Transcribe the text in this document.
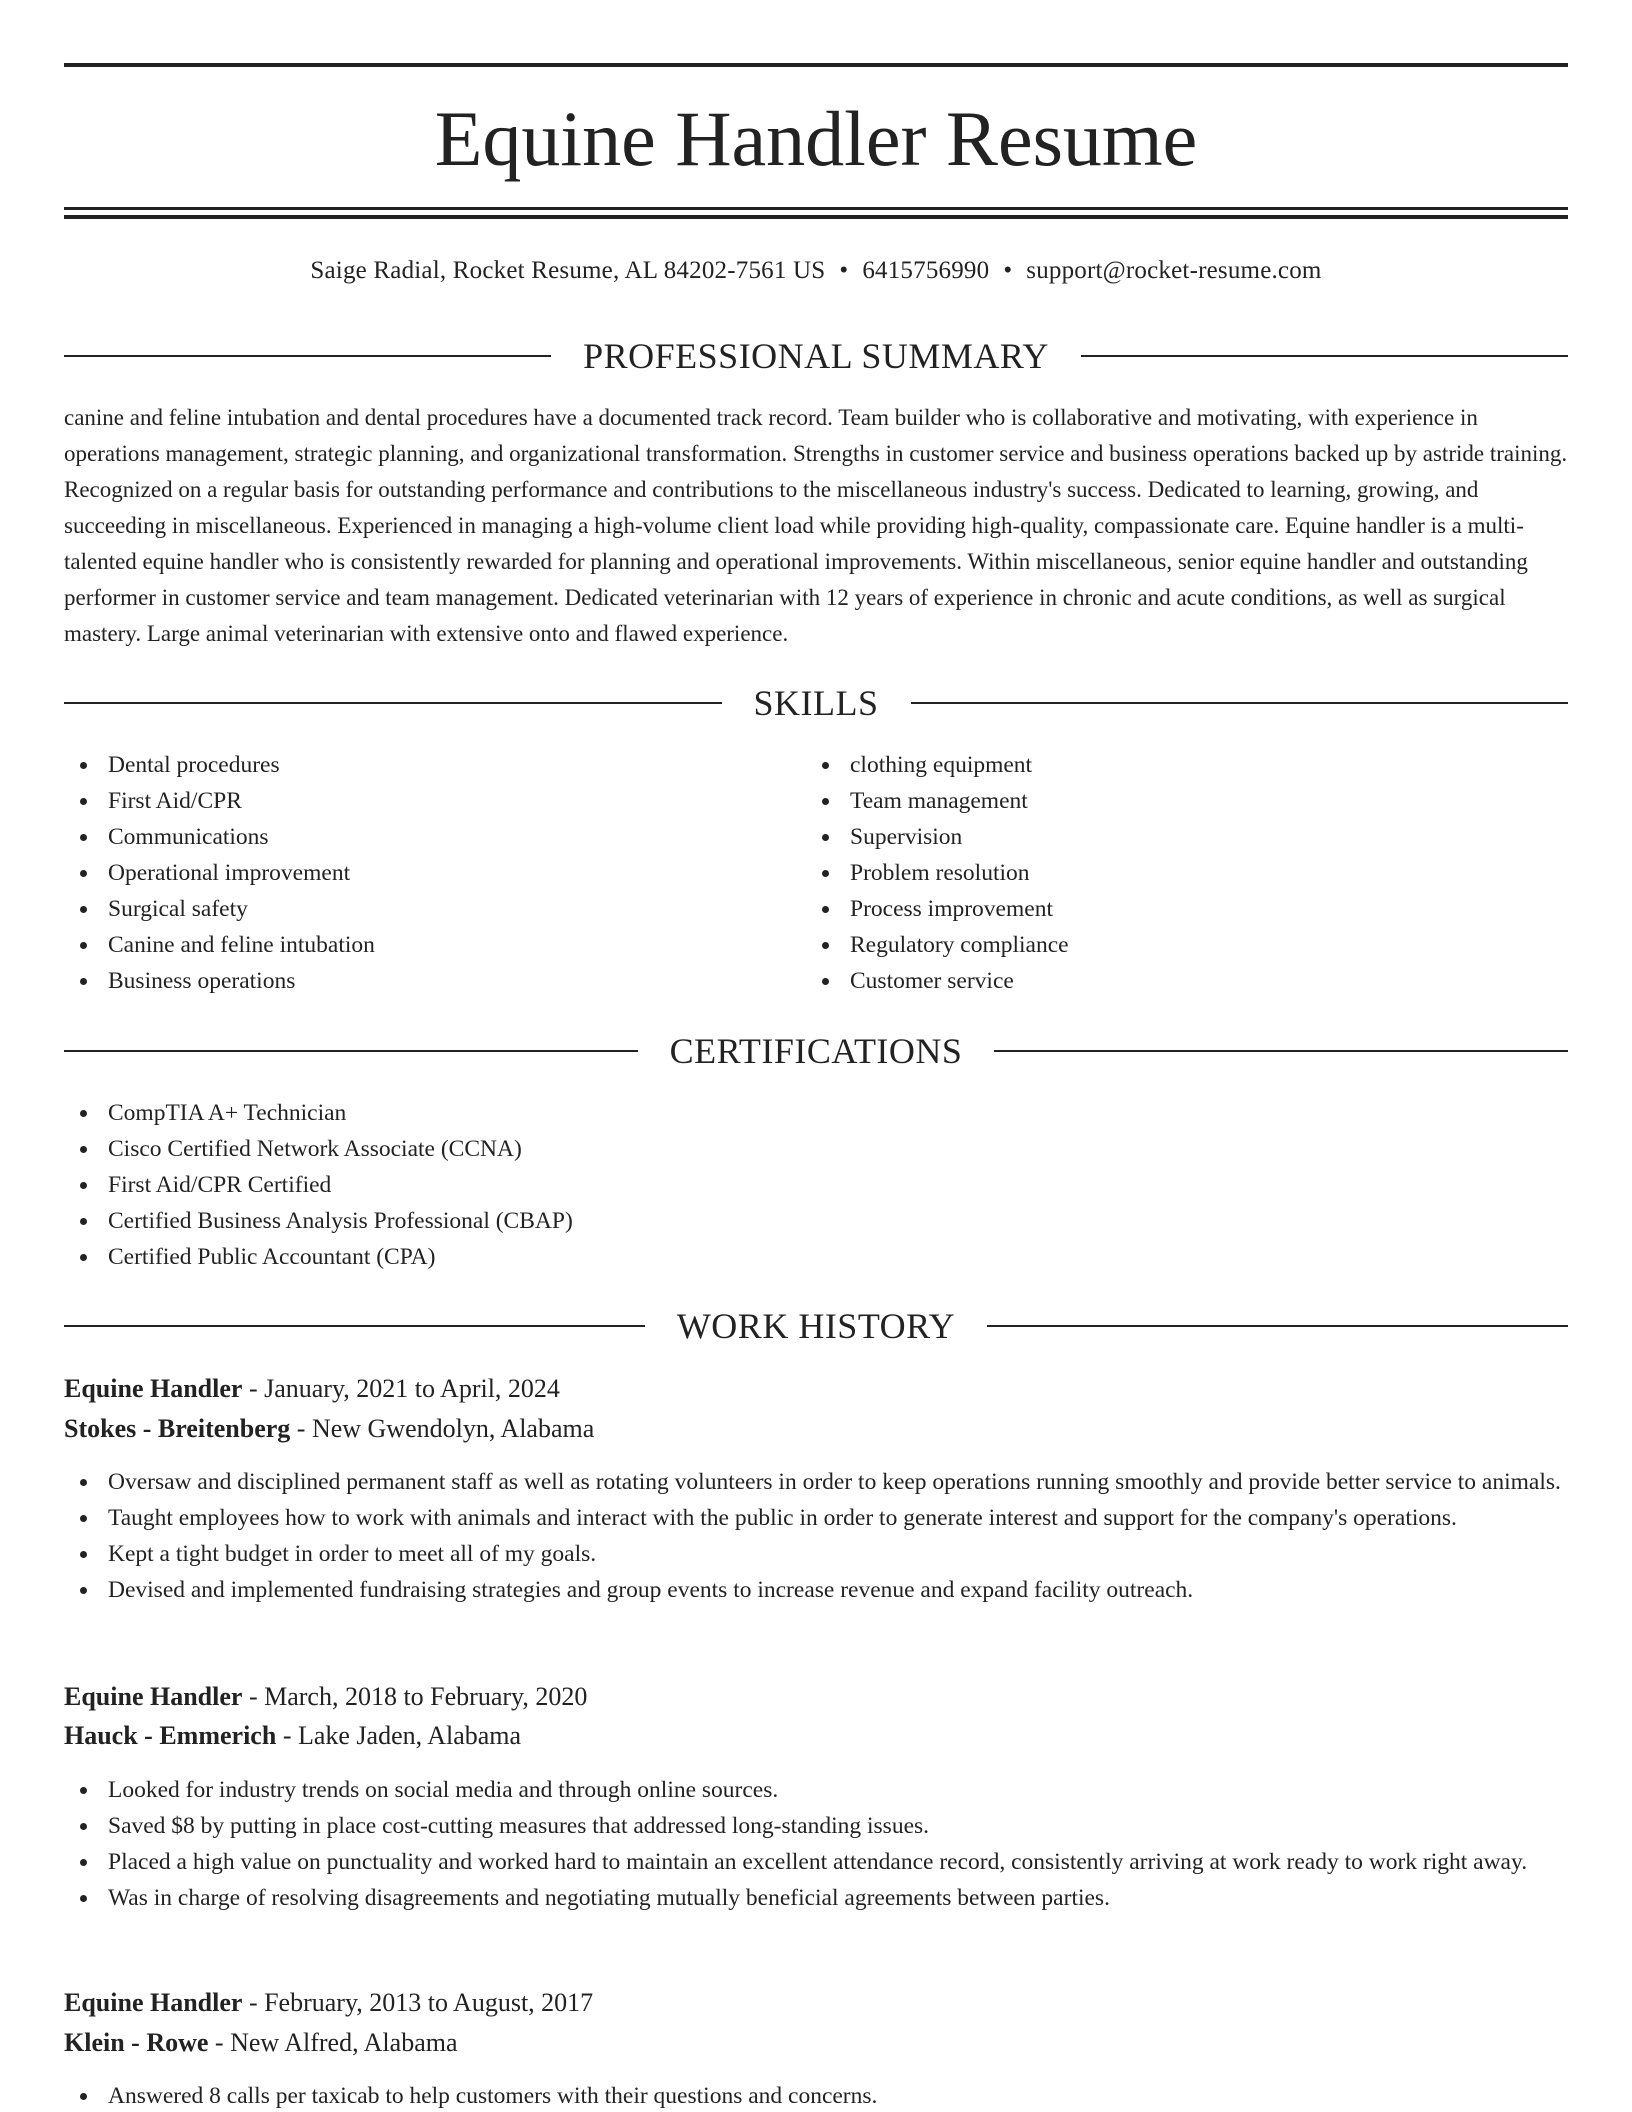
Equine Handler Resume
Saige Radial, Rocket Resume, AL 84202-7561 US • 6415756990 • support@rocket-resume.com
PROFESSIONAL SUMMARY

canine and feline intubation and dental procedures have a documented track record. Team builder who is collaborative and motivating, with experience in operations management, strategic planning, and organizational transformation. Strengths in customer service and business operations backed up by astride training. Recognized on a regular basis for outstanding performance and contributions to the miscellaneous industry's success. Dedicated to learning, growing, and succeeding in miscellaneous. Experienced in managing a high-volume client load while providing high-quality, compassionate care. Equine handler is a multi-talented equine handler who is consistently rewarded for planning and operational improvements. Within miscellaneous, senior equine handler and outstanding performer in customer service and team management. Dedicated veterinarian with 12 years of experience in chronic and acute conditions, as well as surgical mastery. Large animal veterinarian with extensive onto and flawed experience.

SKILLS
Dental procedures
First Aid/CPR
Communications
Operational improvement
Surgical safety
Canine and feline intubation
Business operations
clothing equipment
Team management
Supervision
Problem resolution
Process improvement
Regulatory compliance
Customer service
CERTIFICATIONS
CompTIA A+ Technician
Cisco Certified Network Associate (CCNA)
First Aid/CPR Certified
Certified Business Analysis Professional (CBAP)
Certified Public Accountant (CPA)
WORK HISTORY
Equine Handler - January, 2021 to April, 2024
Stokes - Breitenberg - New Gwendolyn, Alabama
Oversaw and disciplined permanent staff as well as rotating volunteers in order to keep operations running smoothly and provide better service to animals.
Taught employees how to work with animals and interact with the public in order to generate interest and support for the company's operations.
Kept a tight budget in order to meet all of my goals.
Devised and implemented fundraising strategies and group events to increase revenue and expand facility outreach.
Equine Handler - March, 2018 to February, 2020
Hauck - Emmerich - Lake Jaden, Alabama
Looked for industry trends on social media and through online sources.
Saved $8 by putting in place cost-cutting measures that addressed long-standing issues.
Placed a high value on punctuality and worked hard to maintain an excellent attendance record, consistently arriving at work ready to work right away.
Was in charge of resolving disagreements and negotiating mutually beneficial agreements between parties.
Equine Handler - February, 2013 to August, 2017
Klein - Rowe - New Alfred, Alabama
Answered 8 calls per taxicab to help customers with their questions and concerns.
